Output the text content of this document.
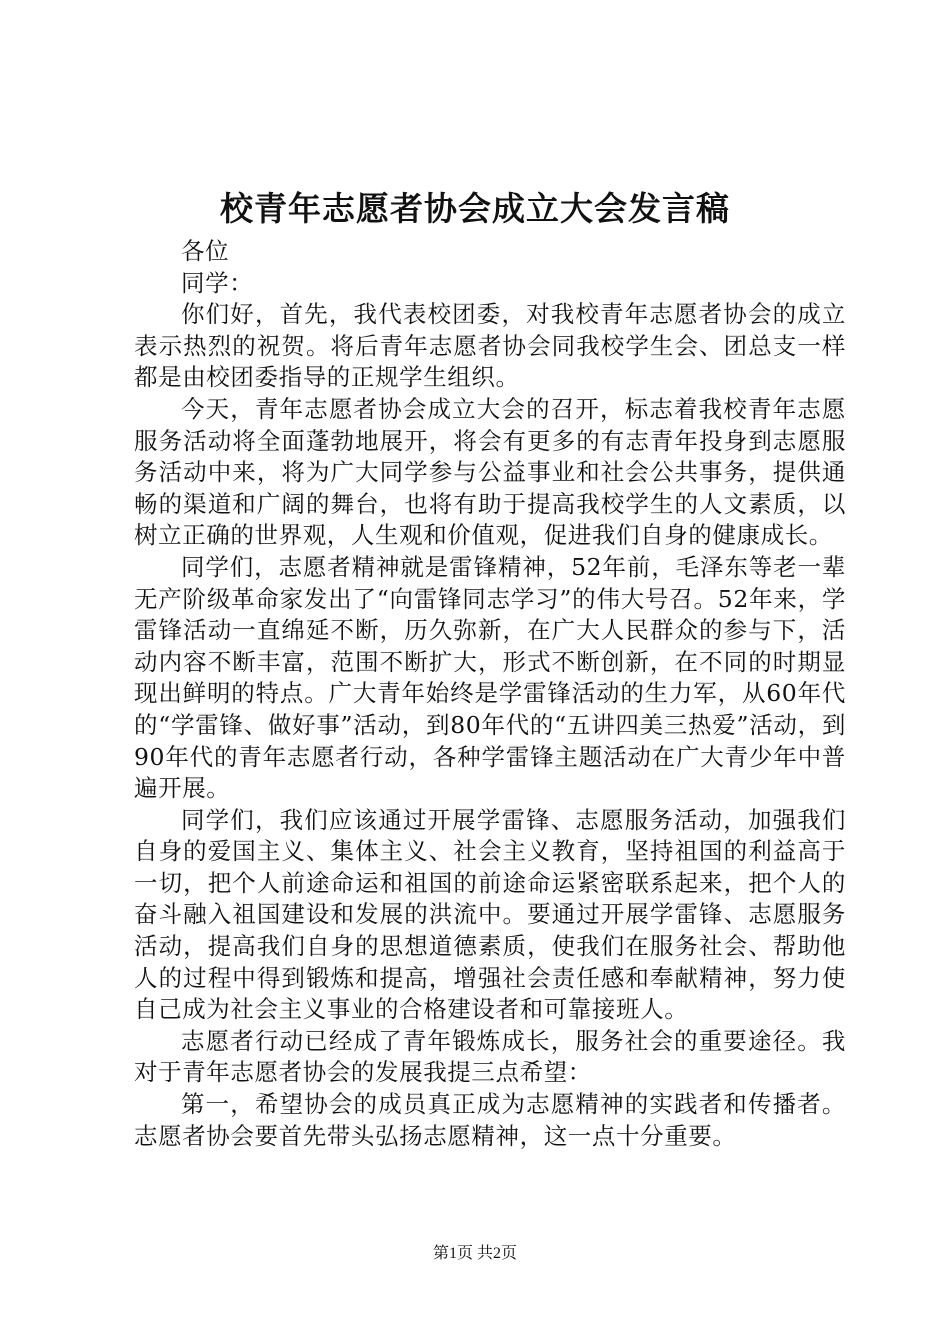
校青年志愿者协会成立大会发言稿

各位

同学：

你们好，首先，我代表校团委，对我校青年志愿者协会的成立表示热烈的祝贺。将后青年志愿者协会同我校学生会、团总支一样都是由校团委指导的正规学生组织。

今天，青年志愿者协会成立大会的召开，标志着我校青年志愿服务活动将全面蓬勃地展开，将会有更多的有志青年投身到志愿服务活动中来，将为广大同学参与公益事业和社会公共事务，提供通畅的渠道和广阔的舞台，也将有助于提高我校学生的人文素质，以树立正确的世界观，人生观和价值观，促进我们自身的健康成长。

同学们，志愿者精神就是雷锋精神，52年前，毛泽东等老一辈无产阶级革命家发出了“向雷锋同志学习”的伟大号召。52年来，学雷锋活动一直绵延不断，历久弥新，在广大人民群众的参与下，活动内容不断丰富，范围不断扩大，形式不断创新，在不同的时期显现出鲜明的特点。广大青年始终是学雷锋活动的生力军，从60年代的“学雷锋、做好事”活动，到80年代的“五讲四美三热爱”活动，到90年代的青年志愿者行动，各种学雷锋主题活动在广大青少年中普遍开展。

同学们，我们应该通过开展学雷锋、志愿服务活动，加强我们自身的爱国主义、集体主义、社会主义教育，坚持祖国的利益高于一切，把个人前途命运和祖国的前途命运紧密联系起来，把个人的奋斗融入祖国建设和发展的洪流中。要通过开展学雷锋、志愿服务活动，提高我们自身的思想道德素质，使我们在服务社会、帮助他人的过程中得到锻炼和提高，增强社会责任感和奉献精神，努力使自己成为社会主义事业的合格建设者和可靠接班人。

志愿者行动已经成了青年锻炼成长，服务社会的重要途径。我对于青年志愿者协会的发展我提三点希望：

第一，希望协会的成员真正成为志愿精神的实践者和传播者。志愿者协会要首先带头弘扬志愿精神，这一点十分重要。

第1页 共2页
